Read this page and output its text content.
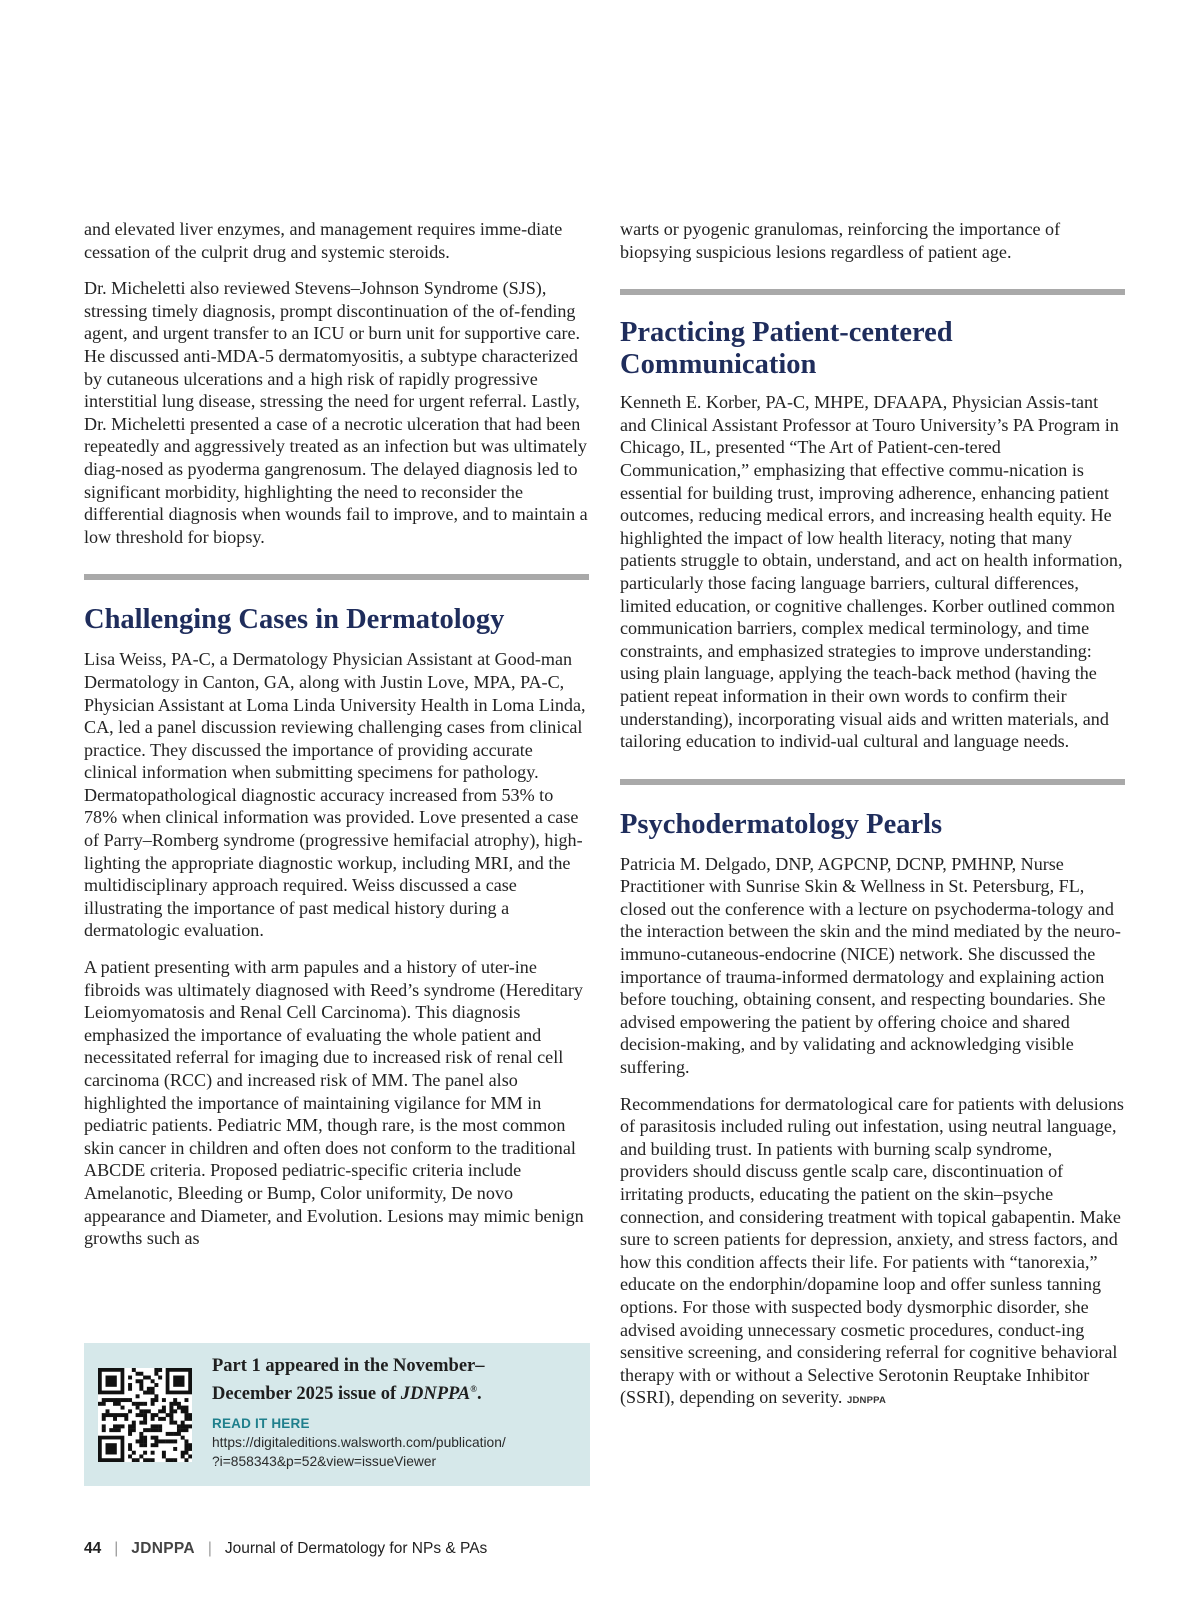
and elevated liver enzymes, and management requires imme-diate cessation of the culprit drug and systemic steroids.

Dr. Micheletti also reviewed Stevens–Johnson Syndrome (SJS), stressing timely diagnosis, prompt discontinuation of the of-fending agent, and urgent transfer to an ICU or burn unit for supportive care. He discussed anti-MDA-5 dermatomyositis, a subtype characterized by cutaneous ulcerations and a high risk of rapidly progressive interstitial lung disease, stressing the need for urgent referral. Lastly, Dr. Micheletti presented a case of a necrotic ulceration that had been repeatedly and aggressively treated as an infection but was ultimately diag-nosed as pyoderma gangrenosum. The delayed diagnosis led to significant morbidity, highlighting the need to reconsider the differential diagnosis when wounds fail to improve, and to maintain a low threshold for biopsy.

Challenging Cases in Dermatology

Lisa Weiss, PA-C, a Dermatology Physician Assistant at Good-man Dermatology in Canton, GA, along with Justin Love, MPA, PA-C, Physician Assistant at Loma Linda University Health in Loma Linda, CA, led a panel discussion reviewing challenging cases from clinical practice. They discussed the importance of providing accurate clinical information when submitting specimens for pathology. Dermatopathological diagnostic accuracy increased from 53% to 78% when clinical information was provided. Love presented a case of Parry–Romberg syndrome (progressive hemifacial atrophy), high-lighting the appropriate diagnostic workup, including MRI, and the multidisciplinary approach required. Weiss discussed a case illustrating the importance of past medical history during a dermatologic evaluation.

A patient presenting with arm papules and a history of uter-ine fibroids was ultimately diagnosed with Reed’s syndrome (Hereditary Leiomyomatosis and Renal Cell Carcinoma). This diagnosis emphasized the importance of evaluating the whole patient and necessitated referral for imaging due to increased risk of renal cell carcinoma (RCC) and increased risk of MM. The panel also highlighted the importance of maintaining vigilance for MM in pediatric patients. Pediatric MM, though rare, is the most common skin cancer in children and often does not conform to the traditional ABCDE criteria. Proposed pediatric-specific criteria include Amelanotic, Bleeding or Bump, Color uniformity, De novo appearance and Diameter, and Evolution. Lesions may mimic benign growths such as

warts or pyogenic granulomas, reinforcing the importance of biopsying suspicious lesions regardless of patient age.

Practicing Patient-centered
Communication

Kenneth E. Korber, PA-C, MHPE, DFAAPA, Physician Assis-tant and Clinical Assistant Professor at Touro University’s PA Program in Chicago, IL, presented “The Art of Patient-cen-tered Communication,” emphasizing that effective commu-nication is essential for building trust, improving adherence, enhancing patient outcomes, reducing medical errors, and increasing health equity. He highlighted the impact of low health literacy, noting that many patients struggle to obtain, understand, and act on health information, particularly those facing language barriers, cultural differences, limited education, or cognitive challenges. Korber outlined common communication barriers, complex medical terminology, and time constraints, and emphasized strategies to improve understanding: using plain language, applying the teach-back method (having the patient repeat information in their own words to confirm their understanding), incorporating visual aids and written materials, and tailoring education to individ-ual cultural and language needs.

Psychodermatology Pearls

Patricia M. Delgado, DNP, AGPCNP, DCNP, PMHNP, Nurse Practitioner with Sunrise Skin & Wellness in St. Petersburg, FL, closed out the conference with a lecture on psychoderma-tology and the interaction between the skin and the mind mediated by the neuro-immuno-cutaneous-endocrine (NICE) network. She discussed the importance of trauma-informed dermatology and explaining action before touching, obtaining consent, and respecting boundaries. She advised empowering the patient by offering choice and shared decision-making, and by validating and acknowledging visible suffering.

Recommendations for dermatological care for patients with delusions of parasitosis included ruling out infestation, using neutral language, and building trust. In patients with burning scalp syndrome, providers should discuss gentle scalp care, discontinuation of irritating products, educating the patient on the skin–psyche connection, and considering treatment with topical gabapentin. Make sure to screen patients for depression, anxiety, and stress factors, and how this condition affects their life. For patients with “tanorexia,” educate on the endorphin/dopamine loop and offer sunless tanning options. For those with suspected body dysmorphic disorder, she advised avoiding unnecessary cosmetic procedures, conduct-ing sensitive screening, and considering referral for cognitive behavioral therapy with or without a Selective Serotonin Reuptake Inhibitor (SSRI), depending on severity. JDNPPA

Part 1 appeared in the November–
December 2025 issue of JDNPPA®.
READ IT HERE
https://digitaleditions.walsworth.com/publication/
?i=858343&p=52&view=issueViewer
44 | JDNPPA | Journal of Dermatology for NPs & PAs
